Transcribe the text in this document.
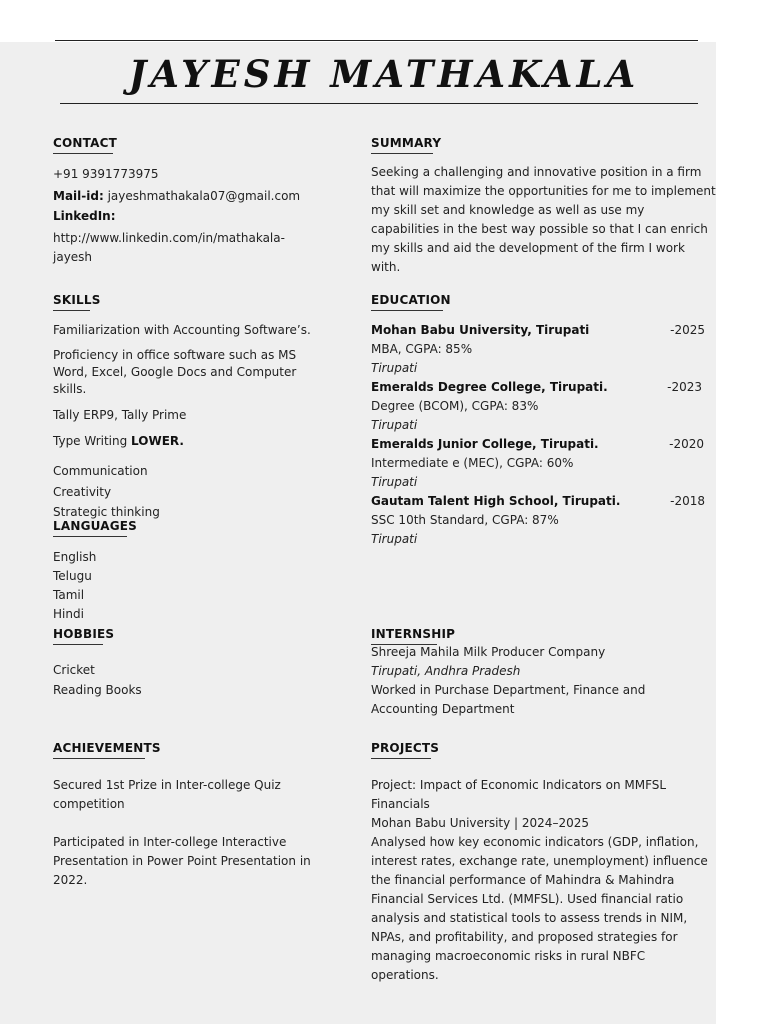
JAYESH MATHAKALA
CONTACT
+91 9391773975
Mail-id: jayeshmathakala07@gmail.com
LinkedIn:
http://www.linkedin.com/in/mathakala-
jayesh
SUMMARY
Seeking a challenging and innovative position in a firm that will maximize the opportunities for me to implement my skill set and knowledge as well as use my capabilities in the best way possible so that I can enrich my skills and aid the development of the firm I work with.
SKILLS
Familiarization with Accounting Software’s.
Proficiency in office software such as MS Word, Excel, Google Docs and Computer skills.
Tally ERP9, Tally Prime
Type Writing LOWER.
Communication
Creativity
Strategic thinking
LANGUAGES
English
Telugu
Tamil
Hindi
HOBBIES
Cricket
Reading Books
ACHIEVEMENTS
Secured 1st Prize in Inter-college Quiz competition
Participated in Inter-college Interactive Presentation in Power Point Presentation in 2022.
EDUCATION
Mohan Babu University, Tirupati	-2025
MBA, CGPA: 85%
Tirupati
Emeralds Degree College, Tirupati.	-2023
Degree (BCOM), CGPA: 83%
Tirupati
Emeralds Junior College, Tirupati.	-2020
Intermediate e (MEC), CGPA: 60%
Tirupati
Gautam Talent High School, Tirupati.	-2018
SSC 10th Standard, CGPA: 87%
Tirupati
INTERNSHIP
Shreeja Mahila Milk Producer Company
Tirupati, Andhra Pradesh
Worked in Purchase Department, Finance and Accounting Department
PROJECTS
Project: Impact of Economic Indicators on MMFSL Financials
Mohan Babu University | 2024–2025
Analysed how key economic indicators (GDP, inflation, interest rates, exchange rate, unemployment) influence the financial performance of Mahindra & Mahindra Financial Services Ltd. (MMFSL). Used financial ratio analysis and statistical tools to assess trends in NIM, NPAs, and profitability, and proposed strategies for managing macroeconomic risks in rural NBFC operations.
